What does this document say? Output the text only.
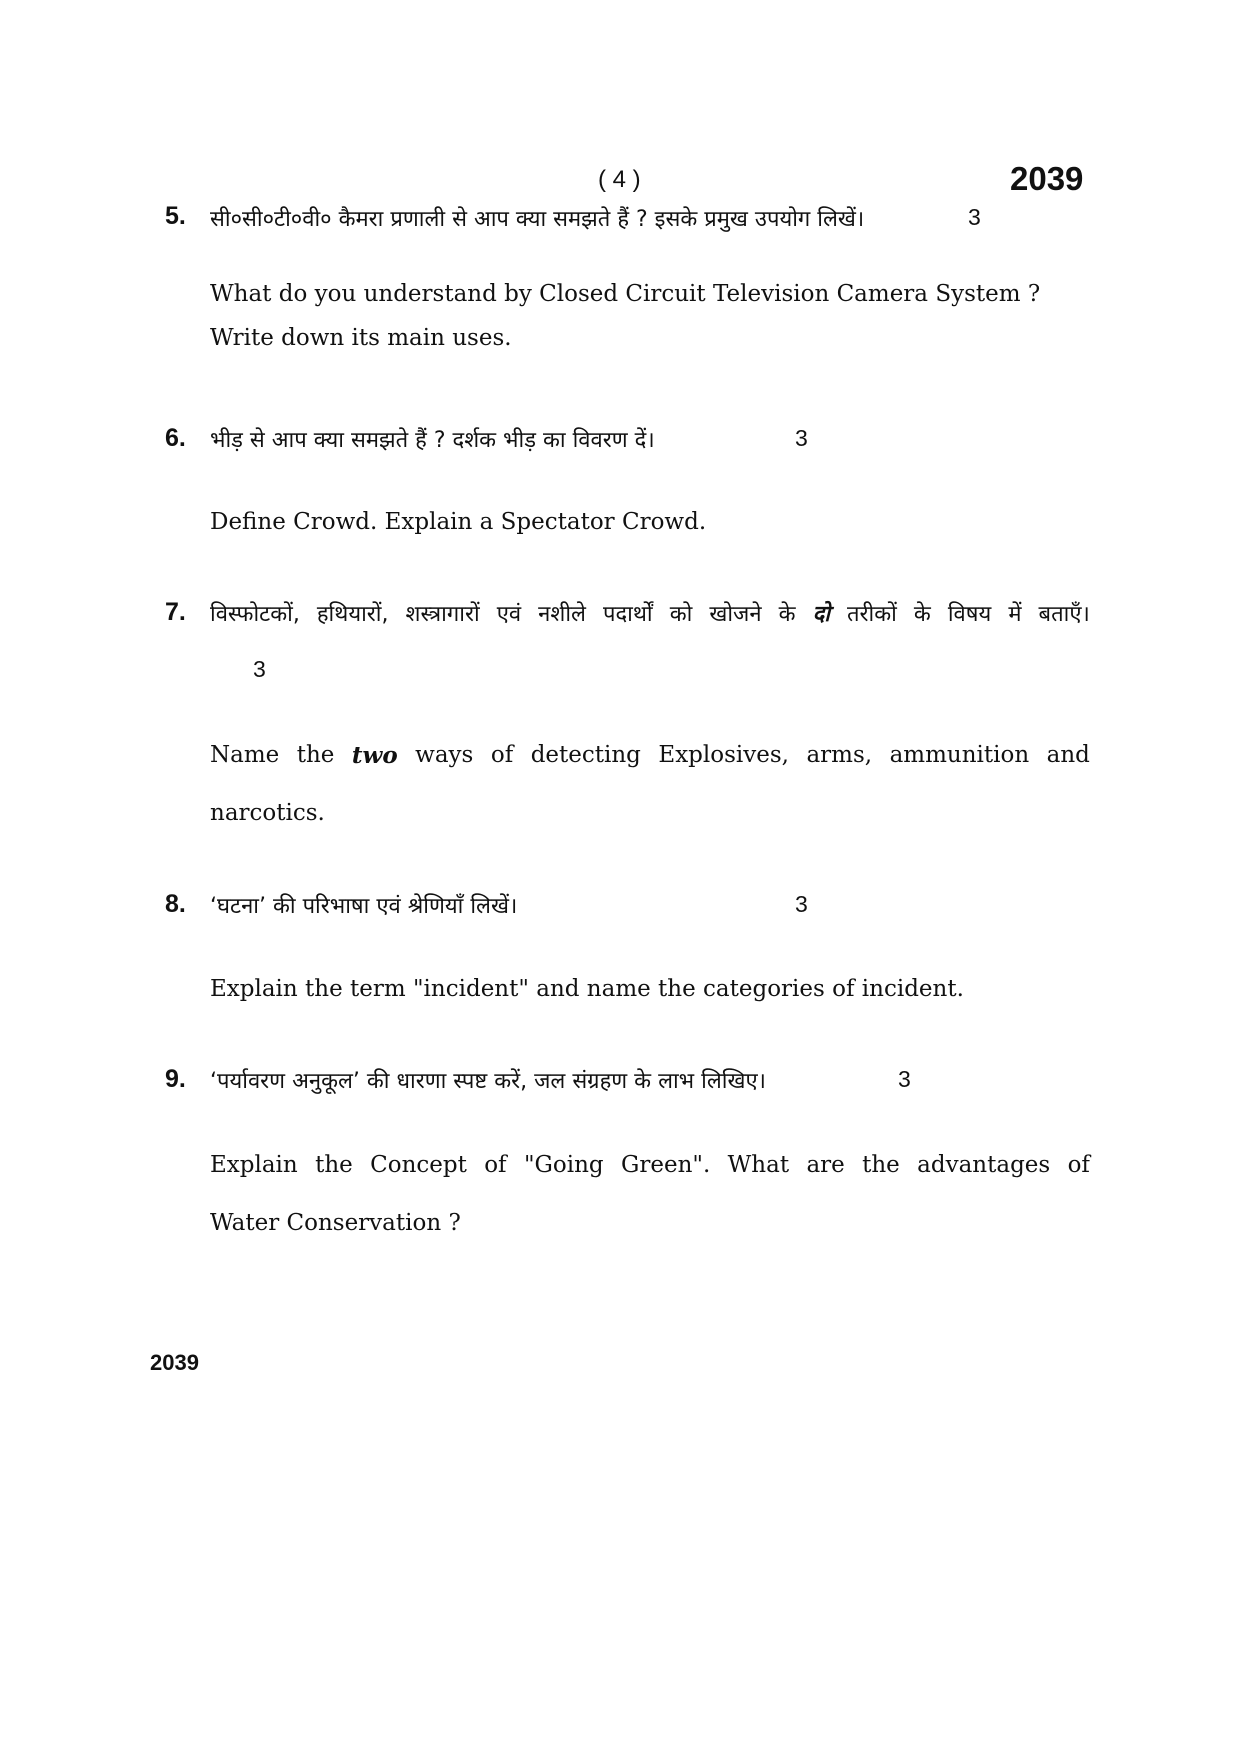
( 4 )	2039
5. सी०सी०टी०वी० कैमरा प्रणाली से आप क्या समझते हैं ? इसके प्रमुख उपयोग लिखें।	3
What do you understand by Closed Circuit Television Camera System ?
Write down its main uses.
6. भीड़ से आप क्या समझते हैं ? दर्शक भीड़ का विवरण दें।	3
Define Crowd. Explain a Spectator Crowd.
7. विस्फोटकों, हथियारों, शस्त्रागारों एवं नशीले पदार्थों को खोजने के दो तरीकों के विषय में बताएँ।
3
Name the two ways of detecting Explosives, arms, ammunition and
narcotics.
8. ‘घटना’ की परिभाषा एवं श्रेणियाँ लिखें।	3
Explain the term "incident" and name the categories of incident.
9. ‘पर्यावरण अनुकूल’ की धारणा स्पष्ट करें, जल संग्रहण के लाभ लिखिए।	3
Explain the Concept of "Going Green". What are the advantages of
Water Conservation ?
2039
